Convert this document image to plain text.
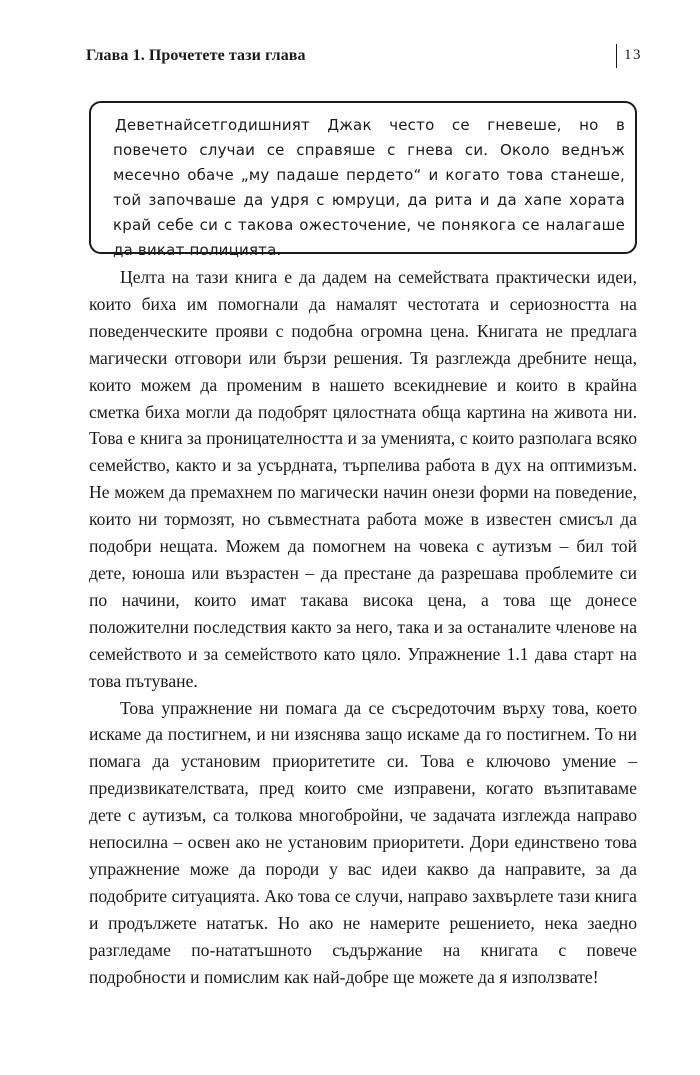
Глава 1. Прочетете тази глава	13

Деветнайсетгодишният Джак често се гневеше, но в повечето случаи се справяше с гнева си. Около веднъж месечно обаче „му падаше пердето“ и когато това станеше, той започваше да удря с юмруци, да рита и да хапе хората край себе си с такова ожесточение, че понякога се налагаше да викат полицията.

Целта на тази книга е да дадем на семействата практически идеи, които биха им помогнали да намалят честотата и сериозността на поведенческите прояви с подобна огромна цена. Книгата не предлага магически отговори или бързи решения. Тя разглежда дребните неща, които можем да променим в нашето всекидневие и които в крайна сметка биха могли да подобрят цялостната обща картина на живота ни. Това е книга за проницателността и за уменията, с които разполага всяко семейство, както и за усърдната, търпелива работа в дух на оптимизъм. Не можем да премахнем по магически начин онези форми на поведение, които ни тормозят, но съвместната работа може в известен смисъл да подобри нещата. Можем да помогнем на човека с аутизъм – бил той дете, юноша или възрастен – да престане да разрешава проблемите си по начини, които имат такава висока цена, а това ще донесе положителни последствия както за него, така и за останалите членове на семейството и за семейството като цяло. Упражнение 1.1 дава старт на това пътуване.

Това упражнение ни помага да се съсредоточим върху това, което искаме да постигнем, и ни изяснява защо искаме да го постигнем. То ни помага да установим приоритетите си. Това е ключово умение – предизвикателствата, пред които сме изправени, когато възпитаваме дете с аутизъм, са толкова многобройни, че задачата изглежда направо непосилна – освен ако не установим приоритети. Дори единствено това упражнение може да породи у вас идеи какво да направите, за да подобрите ситуацията. Ако това се случи, направо захвърлете тази книга и продължете нататък. Но ако не намерите решението, нека заедно разгледаме по-нататъшното съдържание на книгата с повече подробности и помислим как най-добре ще можете да я използвате!
